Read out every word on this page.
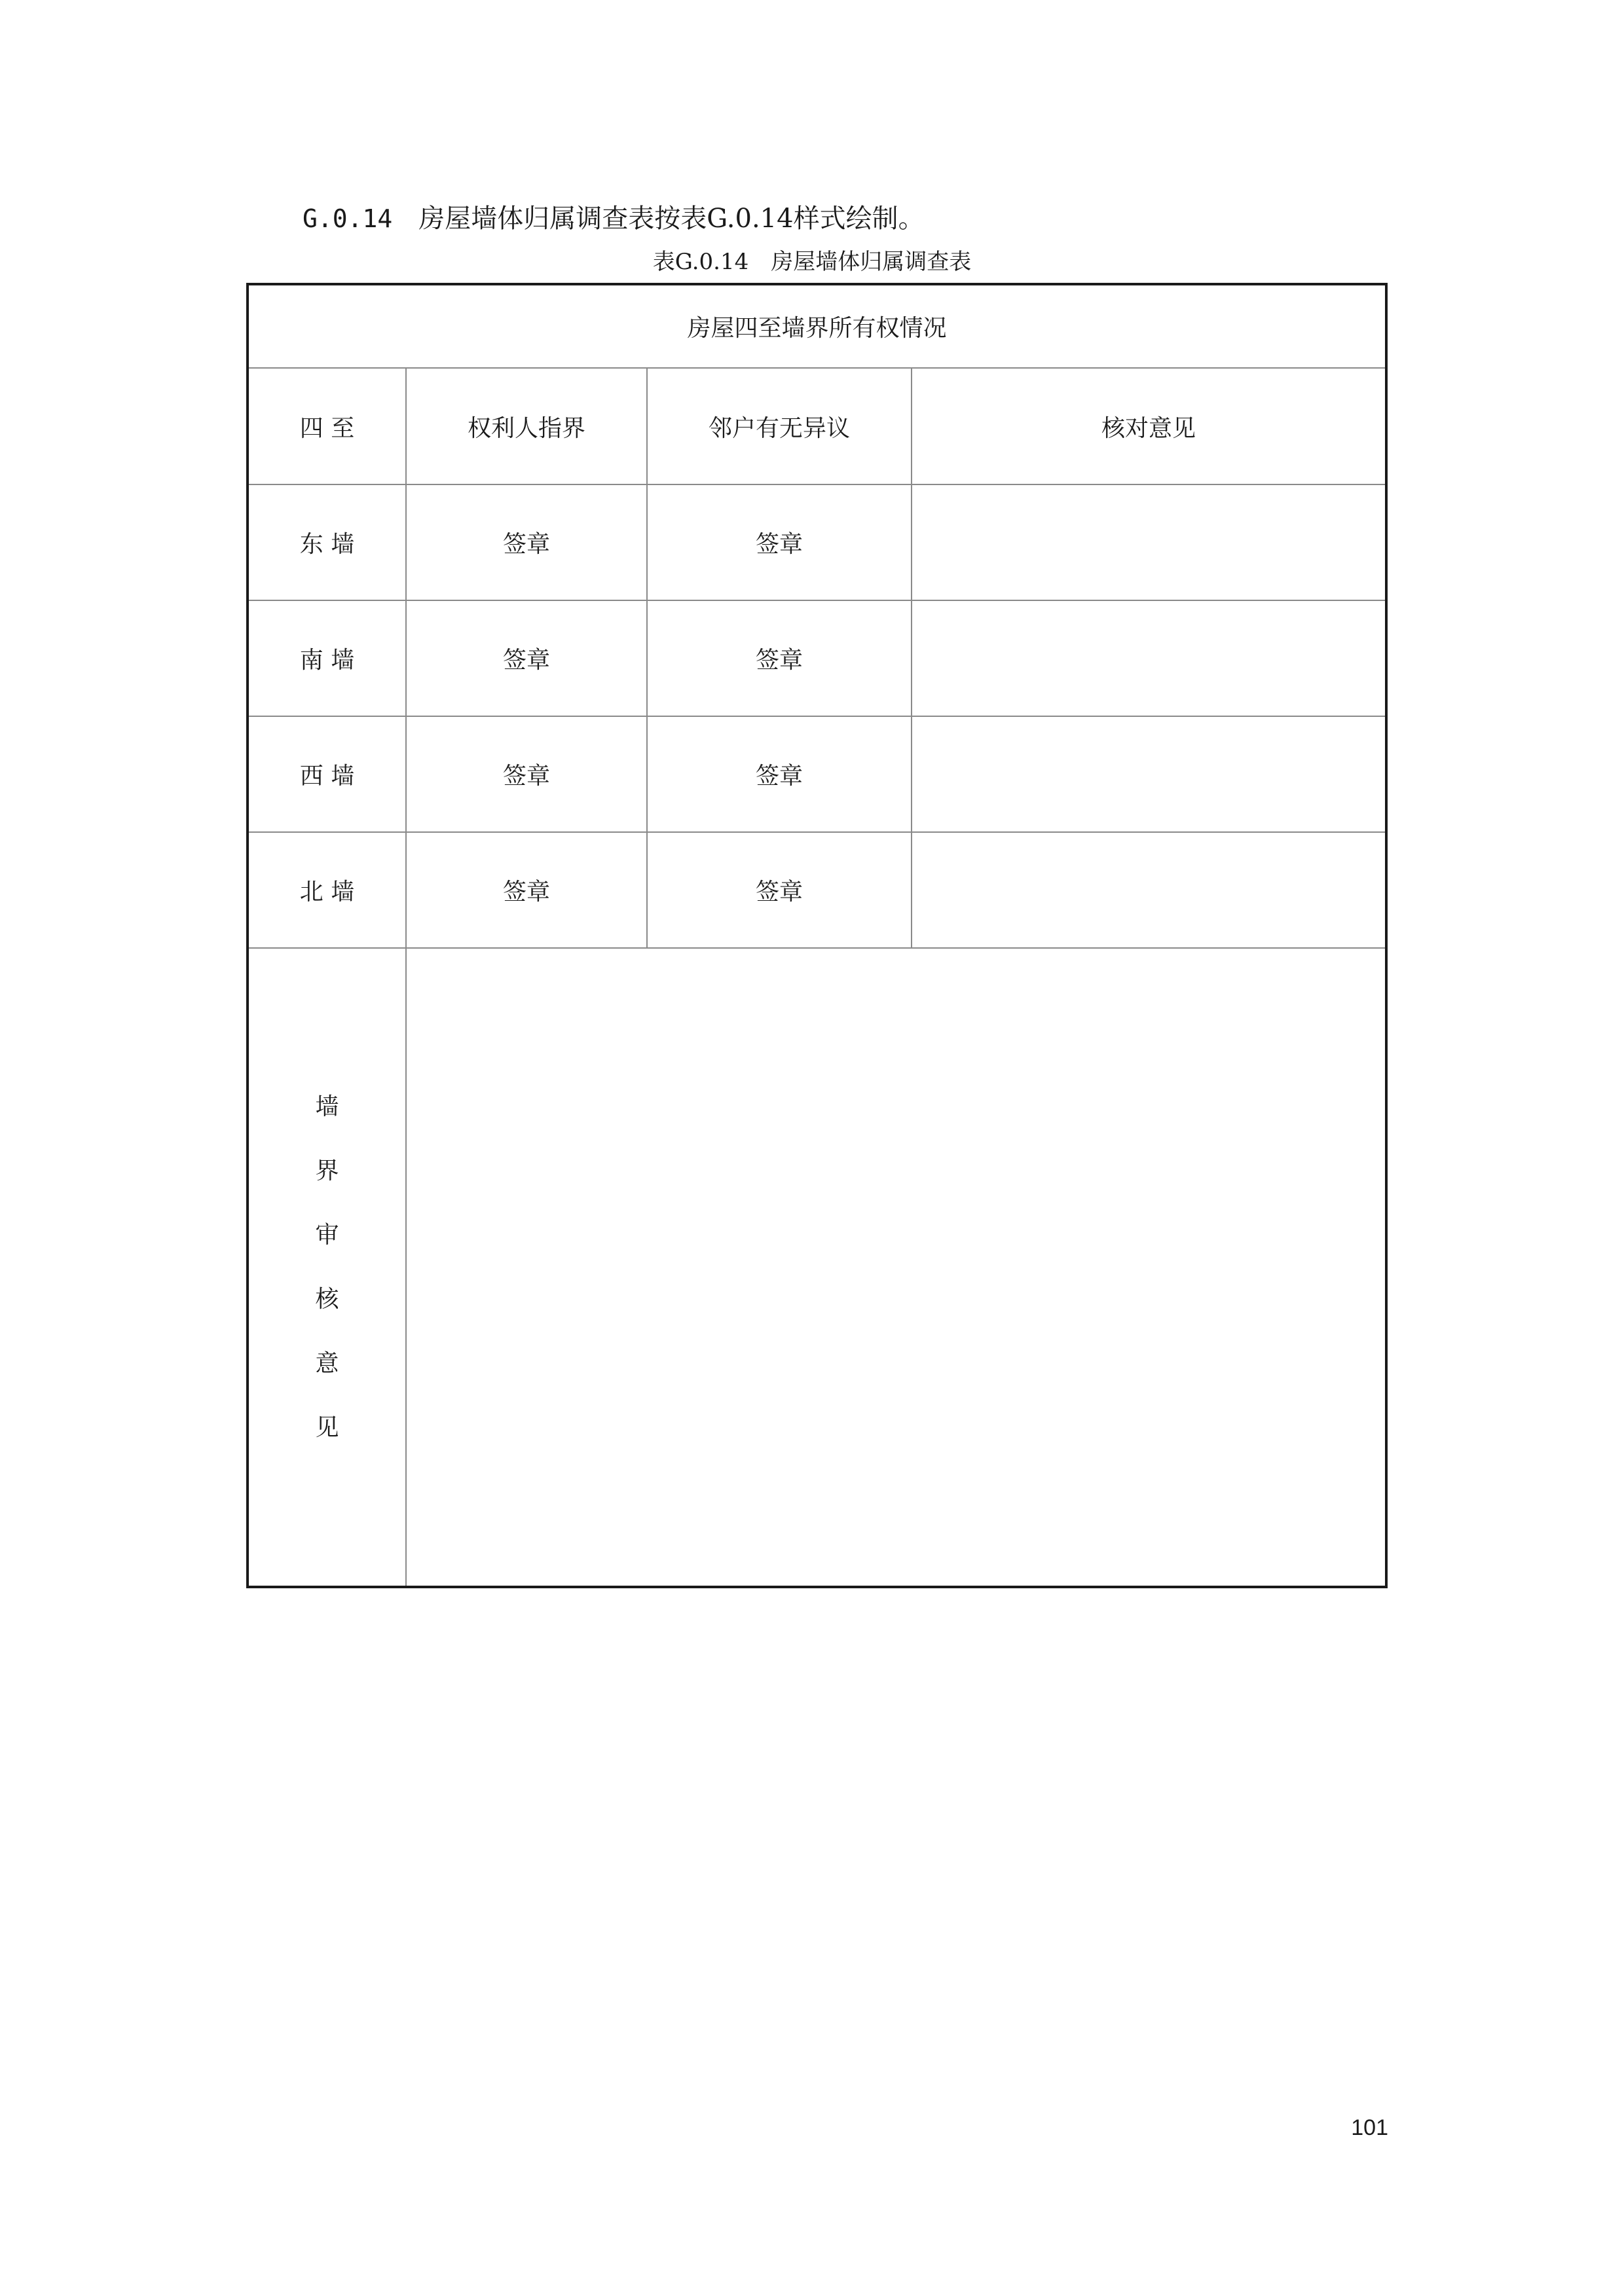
G.0.14 房屋墙体归属调查表按表G.0.14样式绘制。
表G.0.14 房屋墙体归属调查表
房屋四至墙界所有权情况
四 至	权利人指界	邻户有无异议	核对意见
东 墙	签章	签章
南 墙	签章	签章
西 墙	签章	签章
北 墙	签章	签章
墙
界
审
核
意
见
101
